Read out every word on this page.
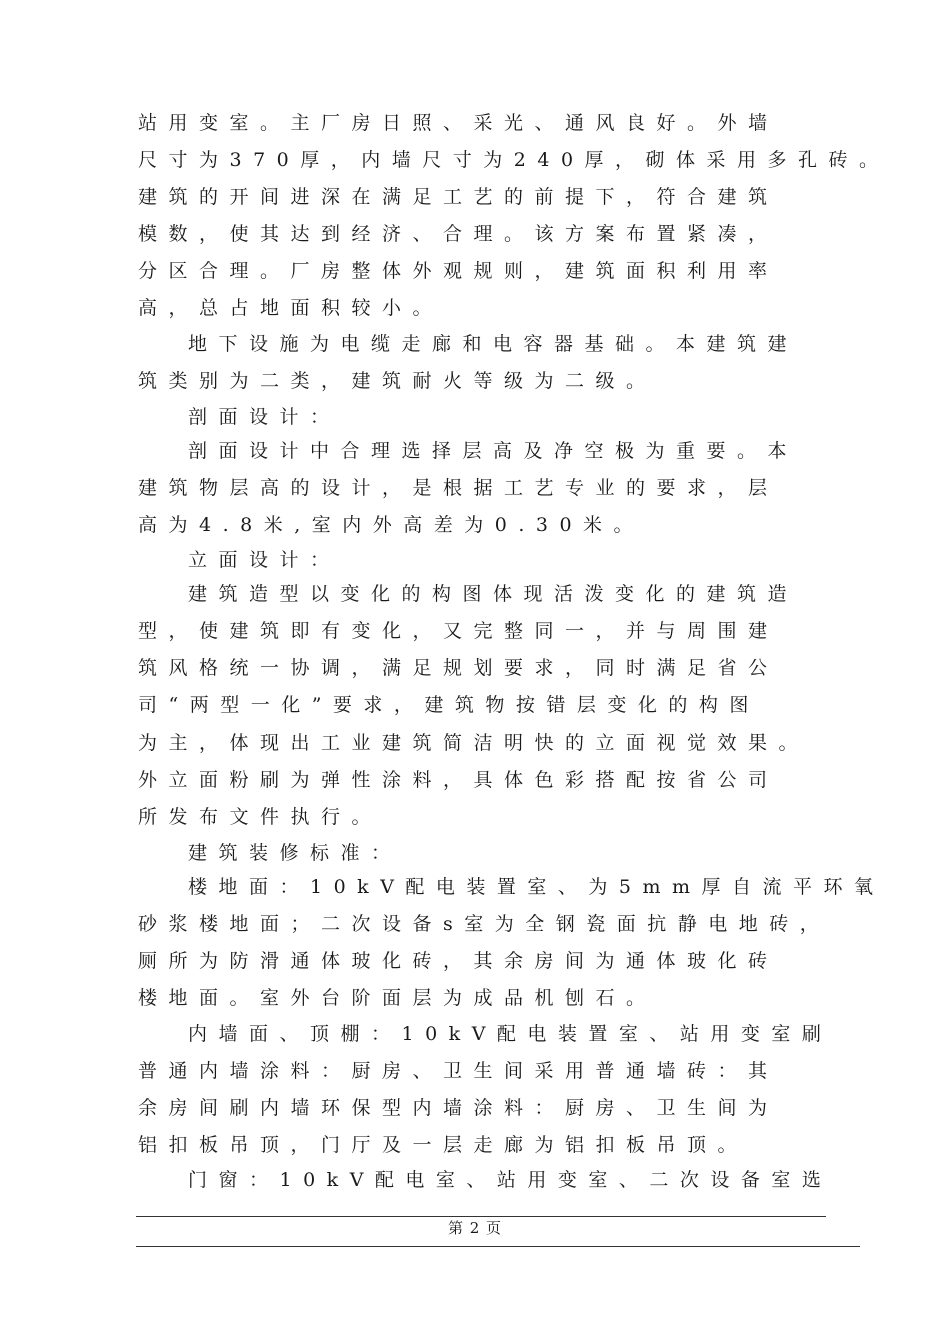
站用变室。主厂房日照、采光、通风良好。外墙
尺寸为370厚，内墙尺寸为240厚，砌体采用多孔砖。
建筑的开间进深在满足工艺的前提下，符合建筑
模数，使其达到经济、合理。该方案布置紧凑，
分区合理。厂房整体外观规则，建筑面积利用率
高，总占地面积较小。
地下设施为电缆走廊和电容器基础。本建筑建
筑类别为二类，建筑耐火等级为二级。
剖面设计：
剖面设计中合理选择层高及净空极为重要。本
建筑物层高的设计，是根据工艺专业的要求，层
高为4.8米,室内外高差为0.30米。
立面设计：
建筑造型以变化的构图体现活泼变化的建筑造
型，使建筑即有变化，又完整同一，并与周围建
筑风格统一协调，满足规划要求，同时满足省公
司“两型一化”要求，建筑物按错层变化的构图
为主，体现出工业建筑简洁明快的立面视觉效果。
外立面粉刷为弹性涂料，具体色彩搭配按省公司
所发布文件执行。
建筑装修标准：
楼地面：10kV配电装置室、为5mm厚自流平环氧
砂浆楼地面；二次设备s室为全钢瓷面抗静电地砖，
厕所为防滑通体玻化砖，其余房间为通体玻化砖
楼地面。室外台阶面层为成品机刨石。
内墙面、顶棚：10kV配电装置室、站用变室刷
普通内墙涂料：厨房、卫生间采用普通墙砖：其
余房间刷内墙环保型内墙涂料：厨房、卫生间为
铝扣板吊顶，门厅及一层走廊为铝扣板吊顶。
门窗：10kV配电室、站用变室、二次设备室选
第 2 页
